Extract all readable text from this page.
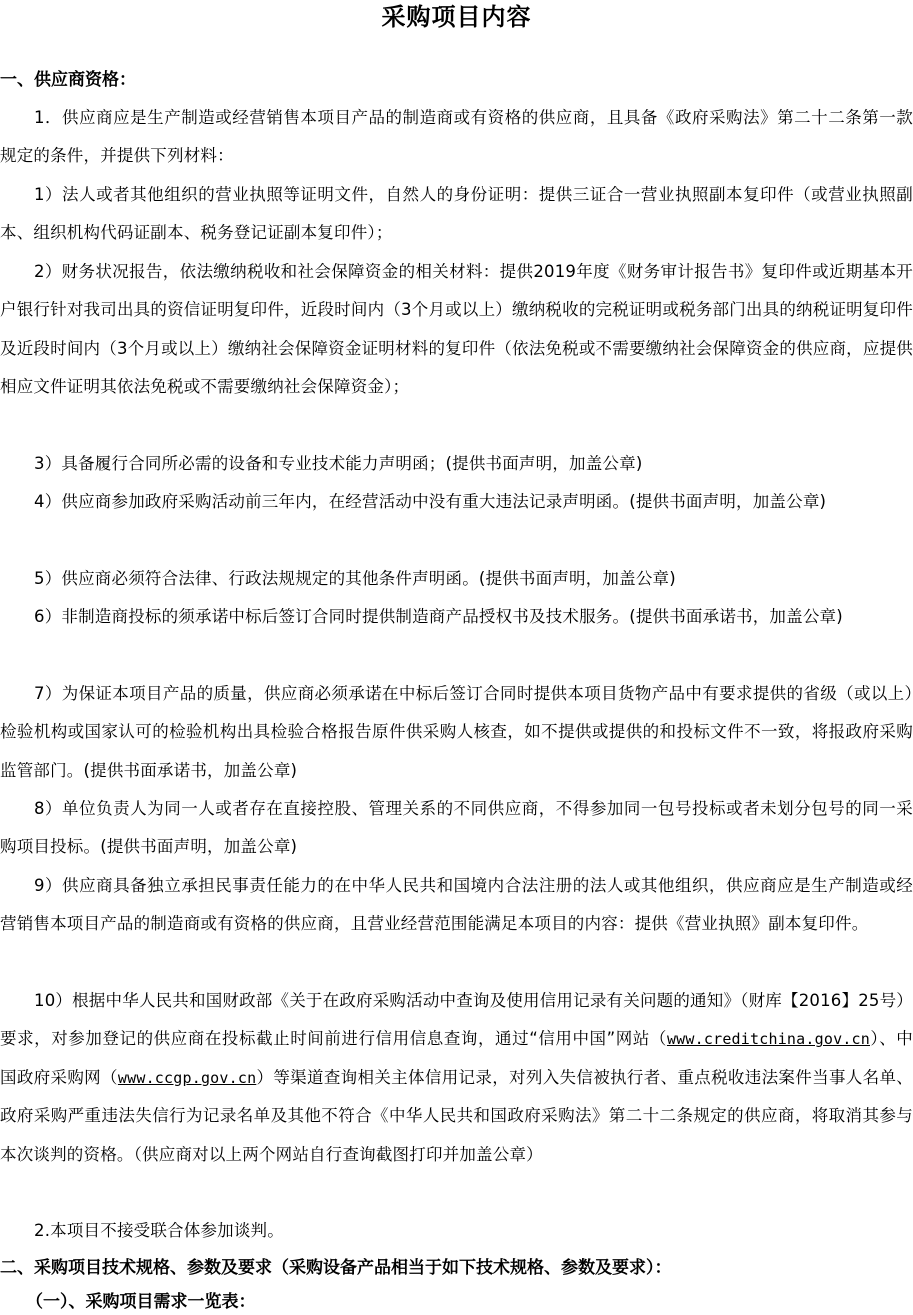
采购项目内容
一、供应商资格：

1．供应商应是生产制造或经营销售本项目产品的制造商或有资格的供应商，且具备《政府采购法》第二十二条第一款规定的条件，并提供下列材料：

1）法人或者其他组织的营业执照等证明文件，自然人的身份证明：提供三证合一营业执照副本复印件（或营业执照副本、组织机构代码证副本、税务登记证副本复印件）；

2）财务状况报告，依法缴纳税收和社会保障资金的相关材料：提供2019年度《财务审计报告书》复印件或近期基本开户银行针对我司出具的资信证明复印件，近段时间内（3个月或以上）缴纳税收的完税证明或税务部门出具的纳税证明复印件及近段时间内（3个月或以上）缴纳社会保障资金证明材料的复印件（依法免税或不需要缴纳社会保障资金的供应商，应提供相应文件证明其依法免税或不需要缴纳社会保障资金）；

3）具备履行合同所必需的设备和专业技术能力声明函；(提供书面声明，加盖公章)

4）供应商参加政府采购活动前三年内，在经营活动中没有重大违法记录声明函。(提供书面声明，加盖公章)

5）供应商必须符合法律、行政法规规定的其他条件声明函。(提供书面声明，加盖公章)

6）非制造商投标的须承诺中标后签订合同时提供制造商产品授权书及技术服务。(提供书面承诺书，加盖公章)

7）为保证本项目产品的质量，供应商必须承诺在中标后签订合同时提供本项目货物产品中有要求提供的省级（或以上）检验机构或国家认可的检验机构出具检验合格报告原件供采购人核查，如不提供或提供的和投标文件不一致，将报政府采购监管部门。(提供书面承诺书，加盖公章)

8）单位负责人为同一人或者存在直接控股、管理关系的不同供应商，不得参加同一包号投标或者未划分包号的同一采购项目投标。(提供书面声明，加盖公章)

9）供应商具备独立承担民事责任能力的在中华人民共和国境内合法注册的法人或其他组织，供应商应是生产制造或经营销售本项目产品的制造商或有资格的供应商，且营业经营范围能满足本项目的内容：提供《营业执照》副本复印件。

10）根据中华人民共和国财政部《关于在政府采购活动中查询及使用信用记录有关问题的通知》（财库【2016】25号）要求，对参加登记的供应商在投标截止时间前进行信用信息查询，通过“信用中国”网站（www.creditchina.gov.cn）、中国政府采购网（www.ccgp.gov.cn）等渠道查询相关主体信用记录，对列入失信被执行者、重点税收违法案件当事人名单、政府采购严重违法失信行为记录名单及其他不符合《中华人民共和国政府采购法》第二十二条规定的供应商，将取消其参与本次谈判的资格。（供应商对以上两个网站自行查询截图打印并加盖公章）

2.本项目不接受联合体参加谈判。

二、采购项目技术规格、参数及要求（采购设备产品相当于如下技术规格、参数及要求）：
（一）、采购项目需求一览表：
